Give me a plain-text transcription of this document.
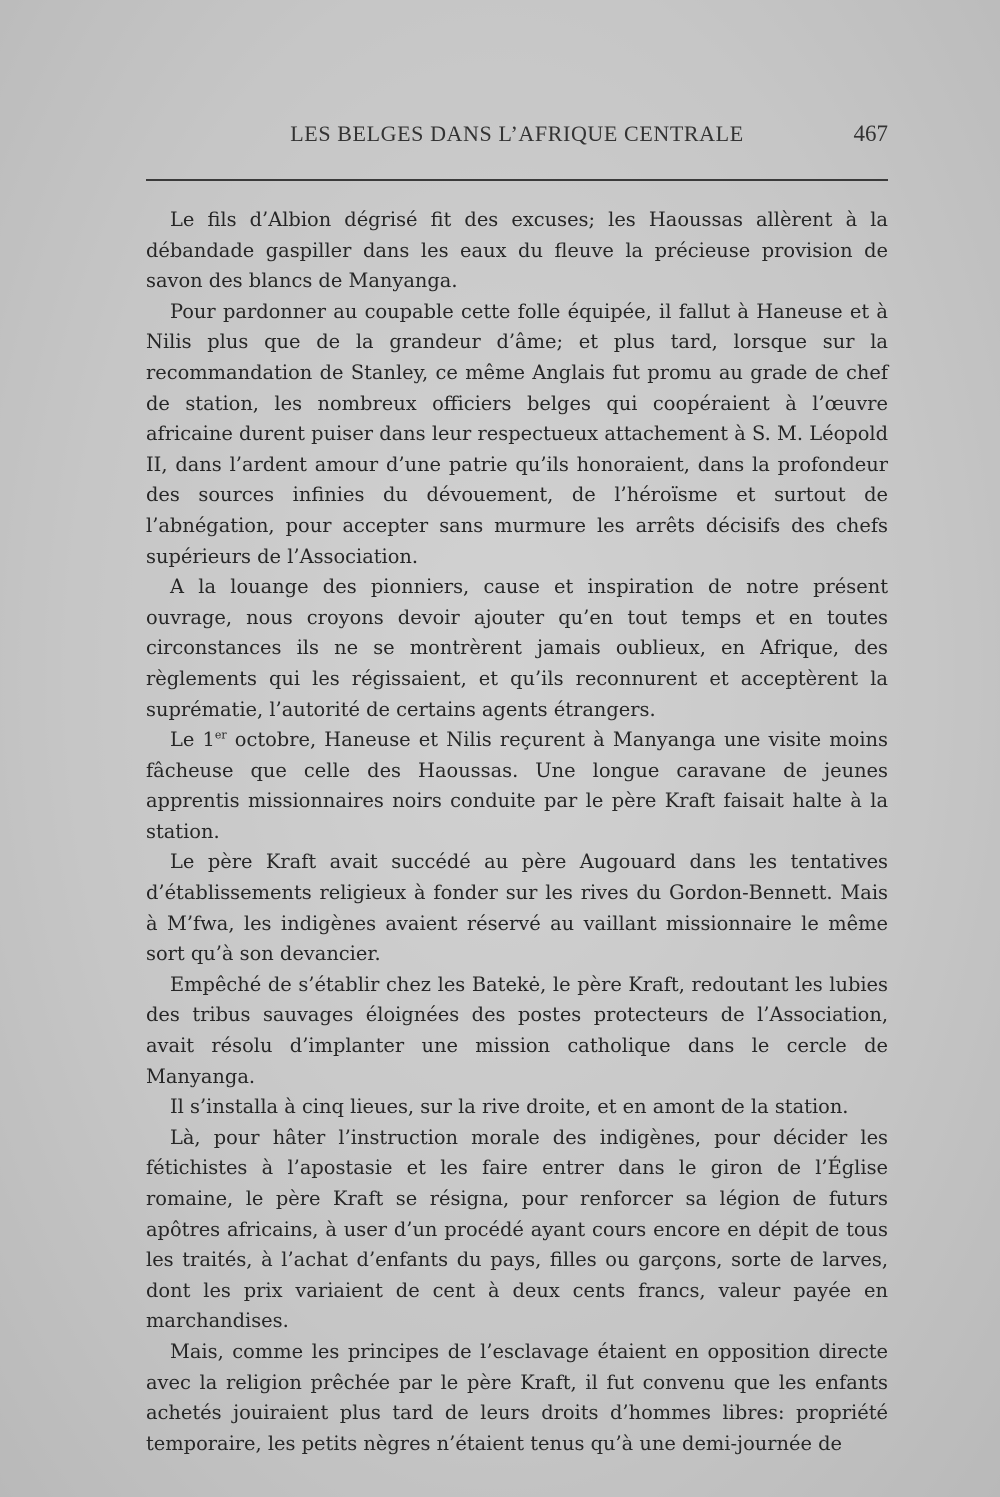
LES BELGES DANS L’AFRIQUE CENTRALE	467

Le fils d’Albion dégrisé fit des excuses; les Haoussas allèrent à la débandade gaspiller dans les eaux du fleuve la précieuse provision de savon des blancs de Manyanga.

Pour pardonner au coupable cette folle équipée, il fallut à Haneuse et à Nilis plus que de la grandeur d’âme; et plus tard, lorsque sur la recommandation de Stanley, ce même Anglais fut promu au grade de chef de station, les nombreux officiers belges qui coopéraient à l’œuvre africaine durent puiser dans leur respectueux attachement à S. M. Léopold II, dans l’ardent amour d’une patrie qu’ils honoraient, dans la profondeur des sources infinies du dévouement, de l’héroïsme et surtout de l’abnégation, pour accepter sans murmure les arrêts décisifs des chefs supérieurs de l’Association.

A la louange des pionniers, cause et inspiration de notre présent ouvrage, nous croyons devoir ajouter qu’en tout temps et en toutes circonstances ils ne se montrèrent jamais oublieux, en Afrique, des règlements qui les régissaient, et qu’ils reconnurent et acceptèrent la suprématie, l’autorité de certains agents étrangers.

Le 1er octobre, Haneuse et Nilis reçurent à Manyanga une visite moins fâcheuse que celle des Haoussas. Une longue caravane de jeunes apprentis missionnaires noirs conduite par le père Kraft faisait halte à la station.

Le père Kraft avait succédé au père Augouard dans les tentatives d’établissements religieux à fonder sur les rives du Gordon-Bennett. Mais à M’fwa, les indigènes avaient réservé au vaillant missionnaire le même sort qu’à son devancier.

Empêché de s’établir chez les Batekė, le père Kraft, redoutant les lubies des tribus sauvages éloignées des postes protecteurs de l’Association, avait résolu d’implanter une mission catholique dans le cercle de Manyanga.

Il s’installa à cinq lieues, sur la rive droite, et en amont de la station.

Là, pour hâter l’instruction morale des indigènes, pour décider les fétichistes à l’apostasie et les faire entrer dans le giron de l’Église romaine, le père Kraft se résigna, pour renforcer sa légion de futurs apôtres africains, à user d’un procédé ayant cours encore en dépit de tous les traités, à l’achat d’enfants du pays, filles ou garçons, sorte de larves, dont les prix variaient de cent à deux cents francs, valeur payée en marchandises.

Mais, comme les principes de l’esclavage étaient en opposition directe avec la religion prêchée par le père Kraft, il fut convenu que les enfants achetés jouiraient plus tard de leurs droits d’hommes libres: propriété temporaire, les petits nègres n’étaient tenus qu’à une demi-journée de
